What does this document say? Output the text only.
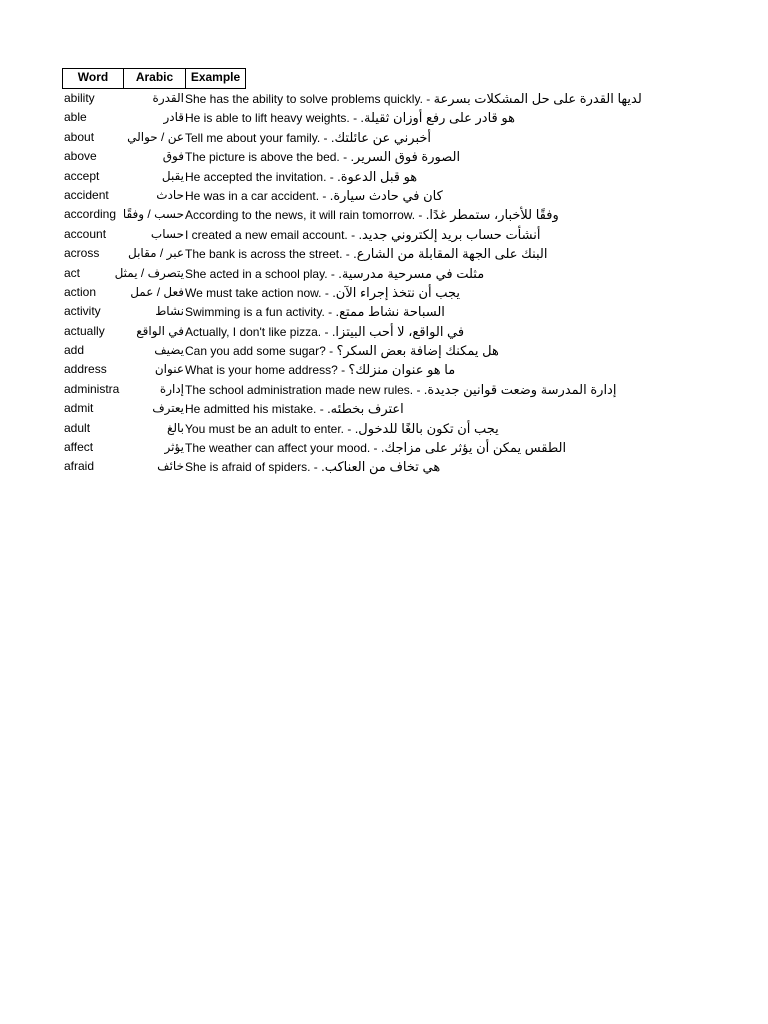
Word	Arabic	Example
ability	القدرة She has the ability to solve problems quickly. - لديها القدرة على حل المشكلات بسرعة
able	قادر He is able to lift heavy weights. - هو قادر على رفع أوزان ثقيلة.
about	عن / حوالي Tell me about your family. - أخبرني عن عائلتك.
above	فوق The picture is above the bed. - الصورة فوق السرير.
accept	يقبل He accepted the invitation. - هو قبل الدعوة.
accident	حادث He was in a car accident. - كان في حادث سيارة.
according حسب / وفقًا According to the news, it will rain tomorrow. - وفقًا للأخبار، ستمطر غدًا.
account	حساب I created a new email account. - أنشأت حساب بريد إلكتروني جديد.
across	عبر / مقابل The bank is across the street. - البنك على الجهة المقابلة من الشارع.
act	يتصرف / يمثل She acted in a school play. - مثلت في مسرحية مدرسية.
action	فعل / عمل We must take action now. - يجب أن نتخذ إجراء الآن.
activity	نشاط Swimming is a fun activity. - السباحة نشاط ممتع.
actually	في الواقع Actually, I don't like pizza. - في الواقع، لا أحب البيتزا.
add	يضيف Can you add some sugar? - هل يمكنك إضافة بعض السكر؟
address	عنوان What is your home address? - ما هو عنوان منزلك؟
administra	إدارة The school administration made new rules. - إدارة المدرسة وضعت قوانين جديدة.
admit	يعترف He admitted his mistake. - اعترف بخطئه.
adult	بالغ You must be an adult to enter. - يجب أن تكون بالغًا للدخول.
affect	يؤثر The weather can affect your mood. - الطقس يمكن أن يؤثر على مزاجك.
afraid	خائف She is afraid of spiders. - هي تخاف من العناكب.
